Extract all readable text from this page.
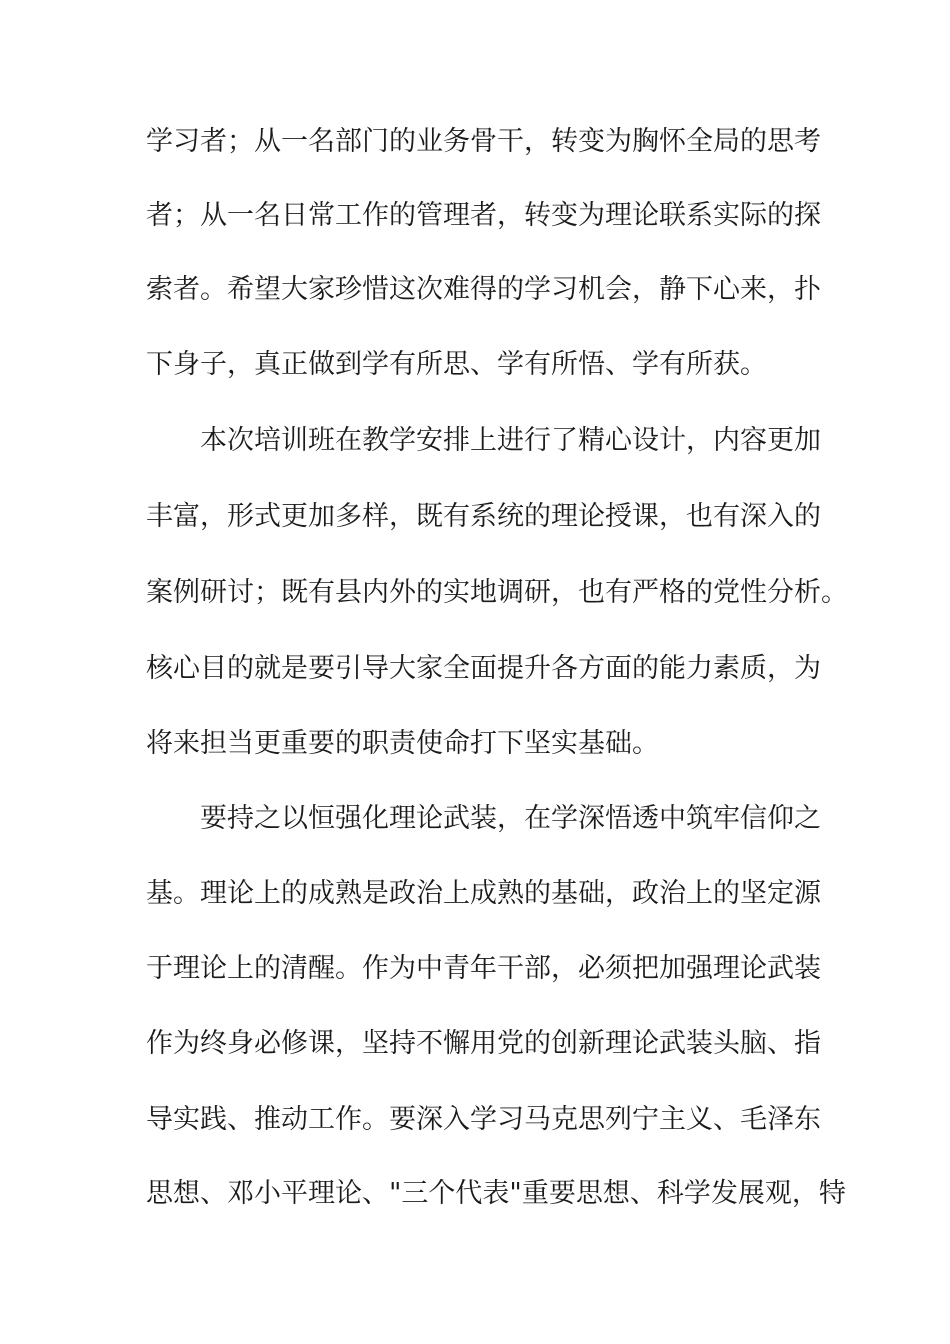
学习者；从一名部门的业务骨干，转变为胸怀全局的思考

者；从一名日常工作的管理者，转变为理论联系实际的探

索者。希望大家珍惜这次难得的学习机会，静下心来，扑

下身子，真正做到学有所思、学有所悟、学有所获。

本次培训班在教学安排上进行了精心设计，内容更加

丰富，形式更加多样，既有系统的理论授课，也有深入的

案例研讨；既有县内外的实地调研，也有严格的党性分析。

核心目的就是要引导大家全面提升各方面的能力素质，为

将来担当更重要的职责使命打下坚实基础。

要持之以恒强化理论武装，在学深悟透中筑牢信仰之

基。理论上的成熟是政治上成熟的基础，政治上的坚定源

于理论上的清醒。作为中青年干部，必须把加强理论武装

作为终身必修课，坚持不懈用党的创新理论武装头脑、指

导实践、推动工作。要深入学习马克思列宁主义、毛泽东

思想、邓小平理论、"三个代表"重要思想、科学发展观，特
